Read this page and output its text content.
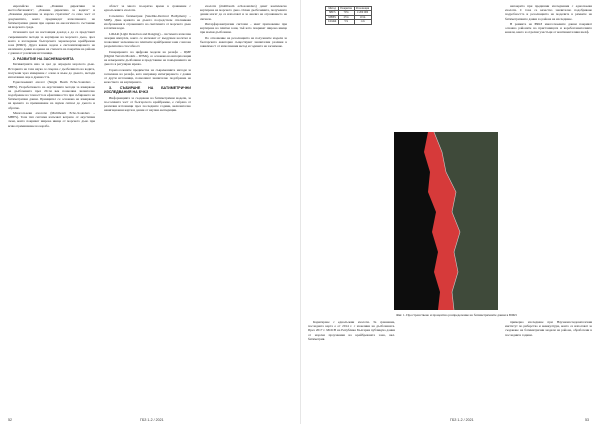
европейско ниво „Режими директиви за местообитанията", „Режима директива за водите" и „Режимна директива за морска стратегия" са само част от документите, които предвиждат използването на батиметрични данни при оценка на екологичното състояние на морската среда.

Основната цел на настоящия доклад е да се представят съвременните методи за картиране на морското дъно, чрез които в изследване българската черноморска крайбрежна зона (БЧКЗ). Друга важна задача е систематизирането на наличните данни и оценка на степента на покритие на района с данни от различни източници.

2. РАЗВИТИЕ НА ЗАСНЕМАНИЯТА

Батиметрията има за цел да определя морското дъно. Историята на тази наука се свързва с дълбочината на водите, получени чрез измерване с олово и въже до дъното, методи използвани още в древността.

Еднолъчевият ехолот (Single Beam Echo-Sounders – SBES). Разработването на акустичните методи за измерване на дълбочината през 20-ти век позволява значително подобрение на точността и ефективността при събирането на батиметрични данни. Принципът се основава на измерване на времето за преминаване на звуков сигнал до дъното и обратно.

Многолъчеви ехолоти (Multibeam Echo-Sounders – MBES). Този тип системи излъчват ветрило от акустични лъчи, които покриват широка ивица от морското дъно при всяко преминаване на кораба.

област за много по-кратко време в сравнение с еднолъчевите ехолоти.

Сателитна батиметрия (Satellite-Derived Bathymetry – SDB). Дава кривата на дъното посредством спътникови изображения и отражението на светлината от морското дъно в плитки води.

LiDAR (Light Detection and Ranging) – системата използва лазерни импулси, които се излъчват от въздушен носител и позволяват заснемане на плитките крайбрежни зони с висока разделителна способност.

Генерирането на цифрови модели на релефа – ЦМР (Digital Terrain Models – DTMs), се основава на интерполация на измерените дълбочини и представяне на повърхнината на дъното в регулярна мрежа.

Горепосочените предимства на съвременните методи за заснемане на релефа, като например интегрирането с данни от други източници, позволяват значително подобрение на качеството на картирането.

3. СЪБИРАНЕ НА БАТИМЕТРИЧНИ ИЗСЛЕДВАНИЯ НА БЧКЗ

Информацията за създаване на батиметрични модели, за по-голямата част от българското крайбрежие, е събрана от различни източници през последните години, включително навигационни карти и данни от научни експедиции.

ехолоти (multibeam echosounders) дават комплексно картиране на морското дъно. Освен дълбочините, получените данни могат да се използват и за анализ на отразяването на сигнала.

Интерферометрични системи – имат приложение при картиране на плитки зони, тъй като покриват широка ивица при малки дълбочини.

По отношение на резолюцията на получените модели за българската акватория съществуват значителни разлики в зависимост от използвания метод и годината на заснемане.

52	ГБЗ 1-2 / 2021
Метод	Покритие	Резолюция
SBES	70%	1:200 000
MBES	25%	10 m
LiDAR	5%	1 m

непокрита при предишни изследвания с еднолъчеви ехолоти. С това се качество значително подобряване подробността и резолюцията на моделите в рамките на батиметричните данни за района на изследване.

В рамките на БЧКЗ многолъчевите данни покриват основно районите на пристанищата и корабоплавателните канали, както и отделни участъци от континенталния шелф.

Фиг. 1. Пространствено и процентно разпределение на батиметричните данни в БЧКЗ

Коригиране с еднолъчеви ехолоти. За сравнение, последната карта е от 2014 г. с изоклини на дълбочината. През 2017 г. МОСВ на Република България публикува данни от морски проучвания на крайбрежната зона, вкл. батиметрия.

примерно изследване при Научноизследователския институт по рибарство и аквакултури, които се използват за създаване на батиметрични модели на района, обработени в последните години.

ГБЗ 1-2 / 2021	53
